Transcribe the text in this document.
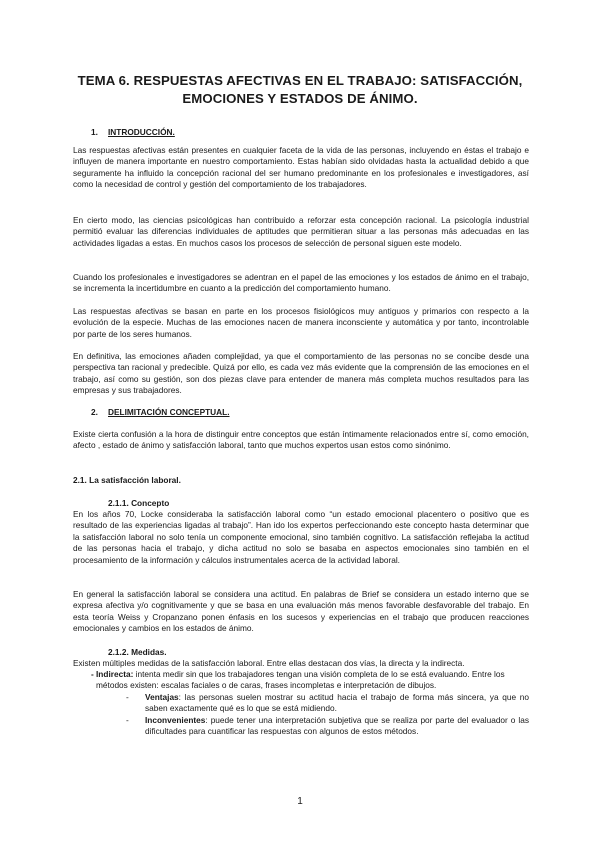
TEMA 6. RESPUESTAS AFECTIVAS EN EL TRABAJO: SATISFACCIÓN,
EMOCIONES Y ESTADOS DE ÁNIMO.
1. INTRODUCCIÓN.
Las respuestas afectivas están presentes en cualquier faceta de la vida de las personas, incluyendo en éstas el trabajo e influyen de manera importante en nuestro comportamiento. Estas habían sido olvidadas hasta la actualidad debido a que seguramente ha influido la concepción racional del ser humano predominante en los profesionales e investigadores, así como la necesidad de control y gestión del comportamiento de los trabajadores.
En cierto modo, las ciencias psicológicas han contribuido a reforzar esta concepción racional. La psicología industrial permitió evaluar las diferencias individuales de aptitudes que permitieran situar a las personas más adecuadas en las actividades ligadas a estas. En muchos casos los procesos de selección de personal siguen este modelo.
Cuando los profesionales e investigadores se adentran en el papel de las emociones y los estados de ánimo en el trabajo, se incrementa la incertidumbre en cuanto a la predicción del comportamiento humano.
Las respuestas afectivas se basan en parte en los procesos fisiológicos muy antiguos y primarios con respecto a la evolución de la especie. Muchas de las emociones nacen de manera inconsciente y automática y por tanto, incontrolable por parte de los seres humanos.
En definitiva, las emociones añaden complejidad, ya que el comportamiento de las personas no se concibe desde una perspectiva tan racional y predecible. Quizá por ello, es cada vez más evidente que la comprensión de las emociones en el trabajo, así como su gestión, son dos piezas clave para entender de manera más completa muchos resultados para las empresas y sus trabajadores.
2. DELIMITACIÓN CONCEPTUAL.
Existe cierta confusión a la hora de distinguir entre conceptos que están íntimamente relacionados entre sí, como emoción, afecto , estado de ánimo y satisfacción laboral, tanto que muchos expertos usan estos como sinónimo.
2.1. La satisfacción laboral.
2.1.1. Concepto
En los años 70, Locke consideraba la satisfacción laboral como “un estado emocional placentero o positivo que es resultado de las experiencias ligadas al trabajo”. Han ido los expertos perfeccionando este concepto hasta determinar que la satisfacción laboral no solo tenía un componente emocional, sino también cognitivo. La satisfacción reflejaba la actitud de las personas hacia el trabajo, y dicha actitud no solo se basaba en aspectos emocionales sino también en el procesamiento de la información y cálculos instrumentales acerca de la actividad laboral.
En general la satisfacción laboral se considera una actitud. En palabras de Brief se considera un estado interno que se expresa afectiva y/o cognitivamente y que se basa en una evaluación más menos favorable desfavorable del trabajo. En esta teoría Weiss y Cropanzano ponen énfasis en los sucesos y experiencias en el trabajo que producen reacciones emocionales y cambios en los estados de ánimo.
2.1.2. Medidas.
Existen múltiples medidas de la satisfacción laboral. Entre ellas destacan dos vías, la directa y la indirecta.
- Indirecta: intenta medir sin que los trabajadores tengan una visión completa de lo se está evaluando. Entre los métodos existen: escalas faciales o de caras, frases incompletas e interpretación de dibujos.
- Ventajas: las personas suelen mostrar su actitud hacia el trabajo de forma más sincera, ya que no saben exactamente qué es lo que se está midiendo.
- Inconvenientes: puede tener una interpretación subjetiva que se realiza por parte del evaluador o las dificultades para cuantificar las respuestas con algunos de estos métodos.
1
